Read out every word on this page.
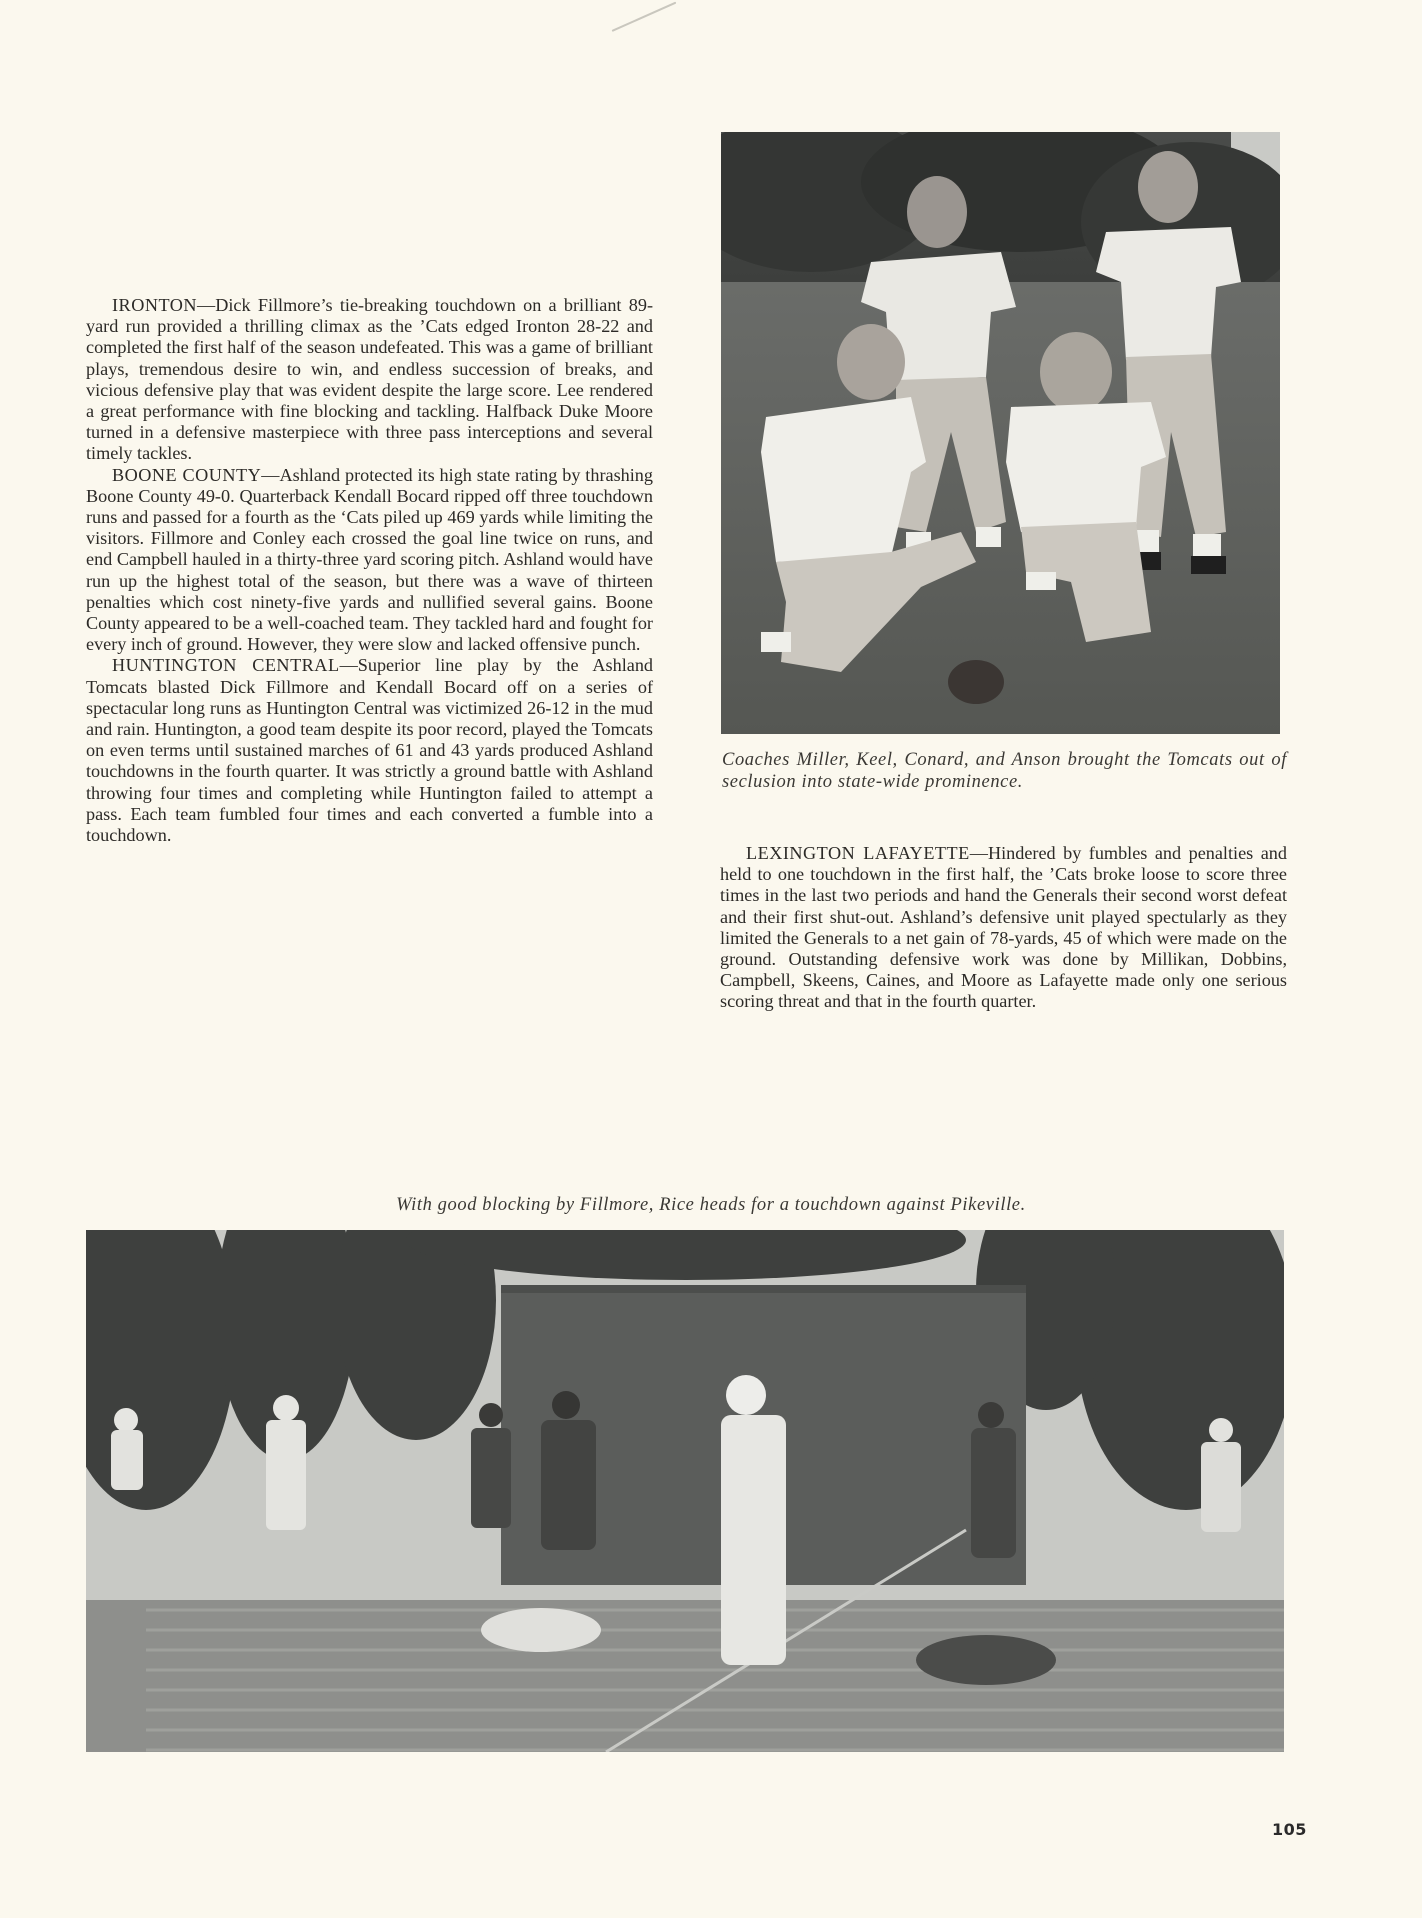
Coaches Miller, Keel, Conard, and Anson brought the Tomcats out of seclusion into state-wide prominence.

IRONTON—Dick Fillmore’s tie-breaking touchdown on a brilliant 89-yard run provided a thrilling climax as the ’Cats edged Ironton 28-22 and completed the first half of the season undefeated. This was a game of brilliant plays, tremendous desire to win, and endless succession of breaks, and vicious defensive play that was evident despite the large score. Lee rendered a great performance with fine blocking and tackling. Halfback Duke Moore turned in a defensive masterpiece with three pass interceptions and several timely tackles.

BOONE COUNTY—Ashland protected its high state rating by thrashing Boone County 49-0. Quarterback Kendall Bocard ripped off three touchdown runs and passed for a fourth as the ‘Cats piled up 469 yards while limiting the visitors. Fillmore and Conley each crossed the goal line twice on runs, and end Campbell hauled in a thirty-three yard scoring pitch. Ashland would have run up the highest total of the season, but there was a wave of thirteen penalties which cost ninety-five yards and nullified several gains. Boone County appeared to be a well-coached team. They tackled hard and fought for every inch of ground. However, they were slow and lacked offensive punch.

HUNTINGTON CENTRAL—Superior line play by the Ashland Tomcats blasted Dick Fillmore and Kendall Bocard off on a series of spectacular long runs as Huntington Central was victimized 26-12 in the mud and rain. Huntington, a good team despite its poor record, played the Tomcats on even terms until sustained marches of 61 and 43 yards produced Ashland touchdowns in the fourth quarter. It was strictly a ground battle with Ashland throwing four times and completing while Huntington failed to attempt a pass. Each team fumbled four times and each converted a fumble into a touchdown.

LEXINGTON LAFAYETTE—Hindered by fumbles and penalties and held to one touchdown in the first half, the ’Cats broke loose to score three times in the last two periods and hand the Generals their second worst defeat and their first shut-out. Ashland’s defensive unit played spectularly as they limited the Generals to a net gain of 78-yards, 45 of which were made on the ground. Outstanding defensive work was done by Millikan, Dobbins, Campbell, Skeens, Caines, and Moore as Lafayette made only one serious scoring threat and that in the fourth quarter.

With good blocking by Fillmore, Rice heads for a touchdown against Pikeville.
105
